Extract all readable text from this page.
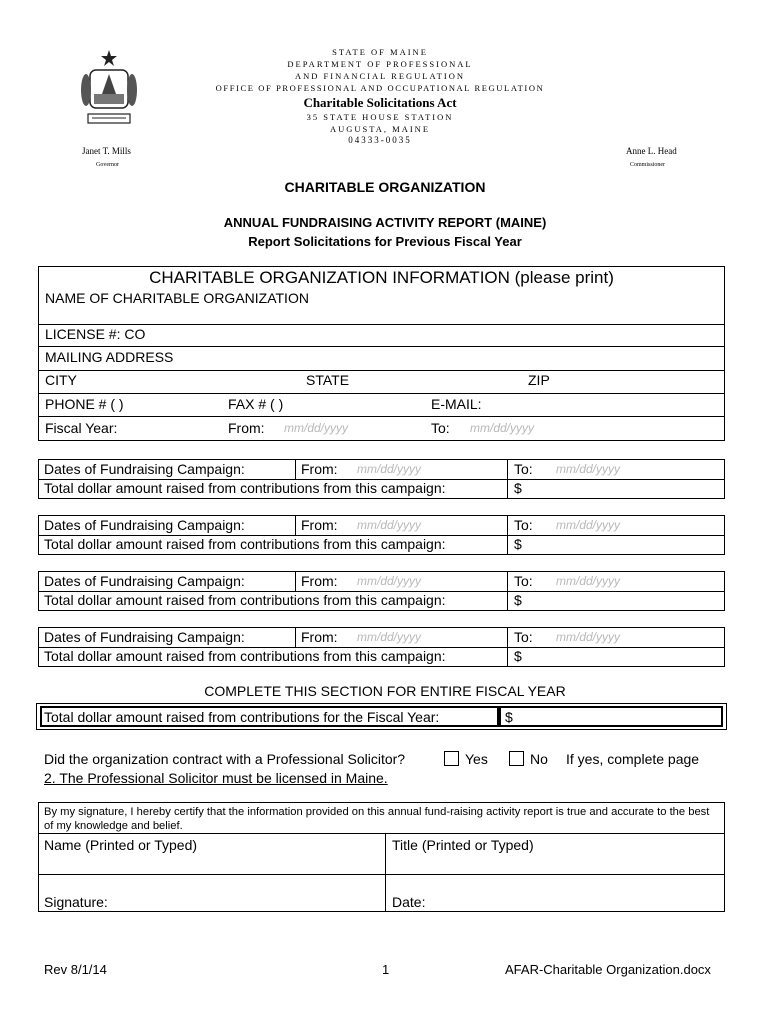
STATE OF MAINE
DEPARTMENT OF PROFESSIONAL
AND FINANCIAL REGULATION
OFFICE OF PROFESSIONAL AND OCCUPATIONAL REGULATION
Charitable Solicitations Act
35 STATE HOUSE STATION
AUGUSTA, MAINE
04333-0035
Janet T. Mills
Governor
Anne L. Head
Commissioner
CHARITABLE ORGANIZATION
ANNUAL FUNDRAISING ACTIVITY REPORT (MAINE)
Report Solicitations for Previous Fiscal Year
CHARITABLE ORGANIZATION INFORMATION (please print)
NAME OF CHARITABLE ORGANIZATION
LICENSE #: CO
MAILING ADDRESS
CITY	STATE	ZIP
PHONE # ( )	FAX # ( )	E-MAIL:
Fiscal Year:	From: mm/dd/yyyy	To: mm/dd/yyyy
Dates of Fundraising Campaign:	From: mm/dd/yyyy	To: mm/dd/yyyy
Total dollar amount raised from contributions from this campaign:	$
Dates of Fundraising Campaign:	From: mm/dd/yyyy	To: mm/dd/yyyy
Total dollar amount raised from contributions from this campaign:	$
Dates of Fundraising Campaign:	From: mm/dd/yyyy	To: mm/dd/yyyy
Total dollar amount raised from contributions from this campaign:	$
Dates of Fundraising Campaign:	From: mm/dd/yyyy	To: mm/dd/yyyy
Total dollar amount raised from contributions from this campaign:	$
COMPLETE THIS SECTION FOR ENTIRE FISCAL YEAR
Total dollar amount raised from contributions for the Fiscal Year:	$
Did the organization contract with a Professional Solicitor?	Yes	No If yes, complete page
2. The Professional Solicitor must be licensed in Maine.
By my signature, I hereby certify that the information provided on this annual fund-raising activity report is true and accurate to the best of my knowledge and belief.
Name (Printed or Typed)	Title (Printed or Typed)
Signature:	Date:
Rev 8/1/14	1	AFAR-Charitable Organization.docx
